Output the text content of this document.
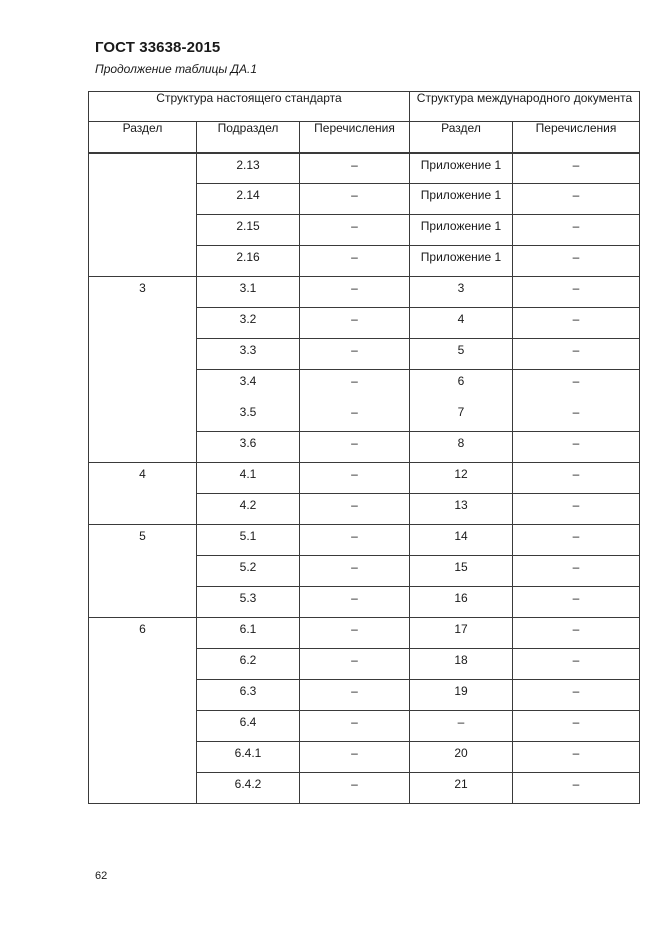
ГОСТ 33638-2015
Продолжение таблицы ДА.1
Структура настоящего стандарта			Структура международного документа	
Раздел	Подраздел	Перечисления	Раздел	Перечисления
	2.13	–	Приложение 1	–
	2.14	–	Приложение 1	–
	2.15	–	Приложение 1	–
	2.16	–	Приложение 1	–
3	3.1	–	3	–
	3.2	–	4	–
	3.3	–	5	–
	3.4	–	6	–
	3.5	–	7	–
	3.6	–	8	–
4	4.1	–	12	–
	4.2	–	13	–
5	5.1	–	14	–
	5.2	–	15	–
	5.3	–	16	–
6	6.1	–	17	–
	6.2	–	18	–
	6.3	–	19	–
	6.4	–	–	–
	6.4.1	–	20	–
	6.4.2	–	21	–
62
